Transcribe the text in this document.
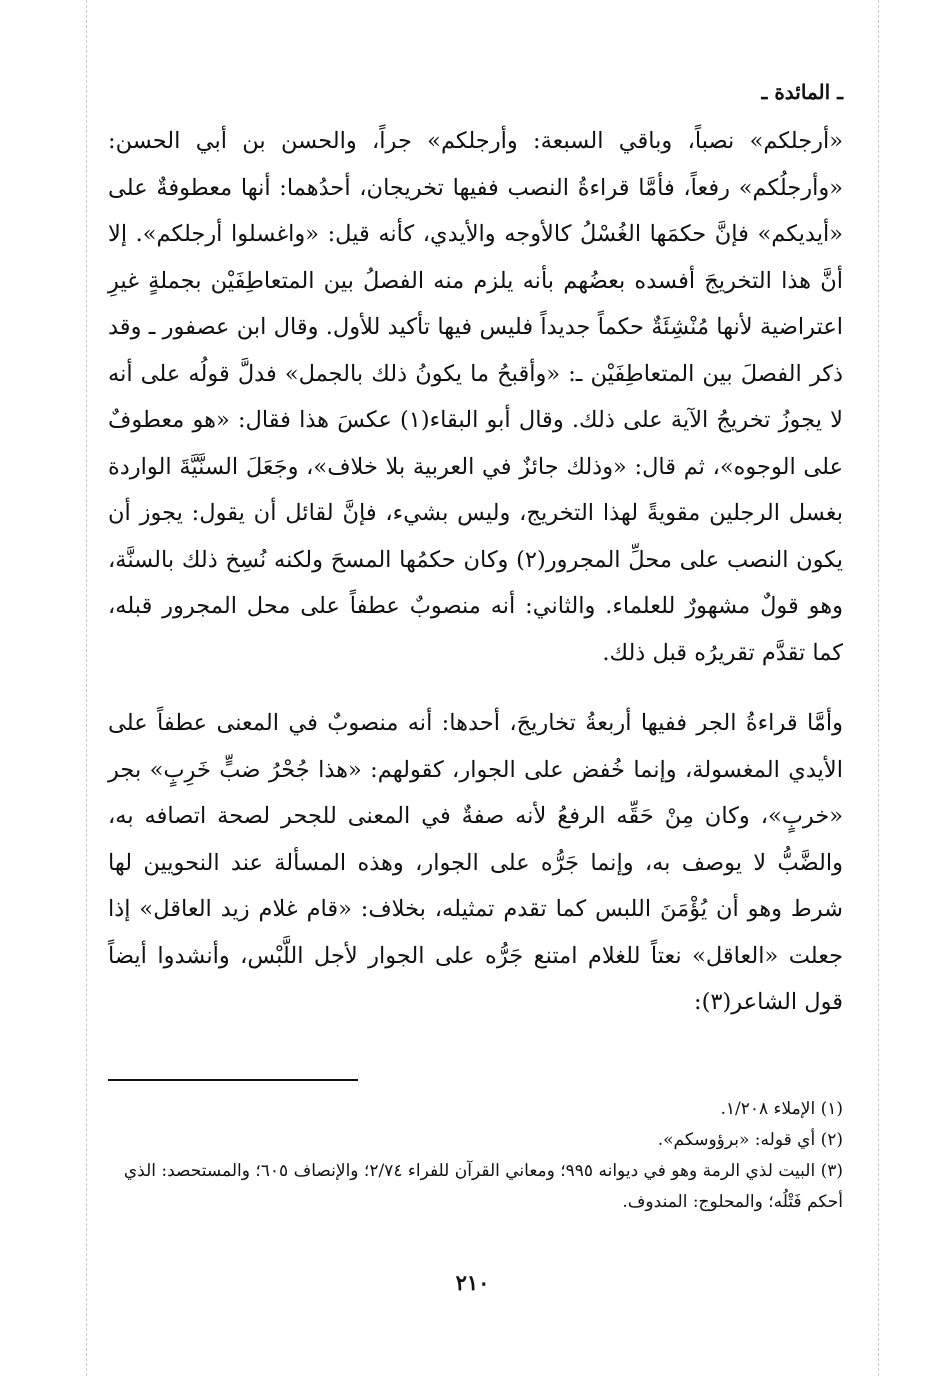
ـ المائدة ـ

«أرجلكم» نصباً، وباقي السبعة: وأرجلكم» جراً، والحسن بن أبي الحسن: «وأرجلُكم» رفعاً، فأمَّا قراءةُ النصب ففيها تخريجان، أحدُهما: أنها معطوفةٌ على «أيديكم» فإنَّ حكمَها الغُسْلُ كالأوجه والأيدي، كأنه قيل: «واغسلوا أرجلكم». إلا أنَّ هذا التخريجَ أفسده بعضُهم بأنه يلزم منه الفصلُ بين المتعاطِفَيْن بجملةٍ غيرِ اعتراضية لأنها مُنْشِئَةٌ حكماً جديداً فليس فيها تأكيد للأول. وقال ابن عصفور ـ وقد ذكر الفصلَ بين المتعاطِفَيْن ـ: «وأقبحُ ما يكونُ ذلك بالجمل» فدلَّ قولُه على أنه لا يجوزُ تخريجُ الآية على ذلك. وقال أبو البقاء(١) عكسَ هذا فقال: «هو معطوفٌ على الوجوه»، ثم قال: «وذلك جائزٌ في العربية بلا خلاف»، وجَعَلَ السنَّيَّةَ الواردة بغسل الرجلين مقويةً لهذا التخريج، وليس بشيء، فإنَّ لقائل أن يقول: يجوز أن يكون النصب على محلِّ المجرور(٢) وكان حكمُها المسحَ ولكنه نُسِخ ذلك بالسنَّة، وهو قولٌ مشهورٌ للعلماء. والثاني: أنه منصوبٌ عطفاً على محل المجرور قبله، كما تقدَّم تقريرُه قبل ذلك.

وأمَّا قراءةُ الجر ففيها أربعةُ تخاريجَ، أحدها: أنه منصوبٌ في المعنى عطفاً على الأيدي المغسولة، وإنما خُفض على الجوار، كقولهم: «هذا جُحْرُ ضبٍّ خَرِبٍ» بجر «خربٍ»، وكان مِنْ حَقِّه الرفعُ لأنه صفةٌ في المعنى للجحر لصحة اتصافه به، والضَّبُّ لا يوصف به، وإنما جَرُّه على الجوار، وهذه المسألة عند النحويين لها شرط وهو أن يُؤْمَنَ اللبس كما تقدم تمثيله، بخلاف: «قام غلام زيد العاقل» إذا جعلت «العاقل» نعتاً للغلام امتنع جَرُّه على الجوار لأجل اللَّبْس، وأنشدوا أيضاً قول الشاعر(٣):

(١) الإملاء ١/٢٠٨.
(٢) أي قوله: «برؤوسكم».
(٣) البيت لذي الرمة وهو في ديوانه ٩٩٥؛ ومعاني القرآن للفراء ٢/٧٤؛ والإنصاف ٦٠٥؛ والمستحصد: الذي أحكم فَتْلُه؛ والمحلوج: المندوف.
٢١٠
